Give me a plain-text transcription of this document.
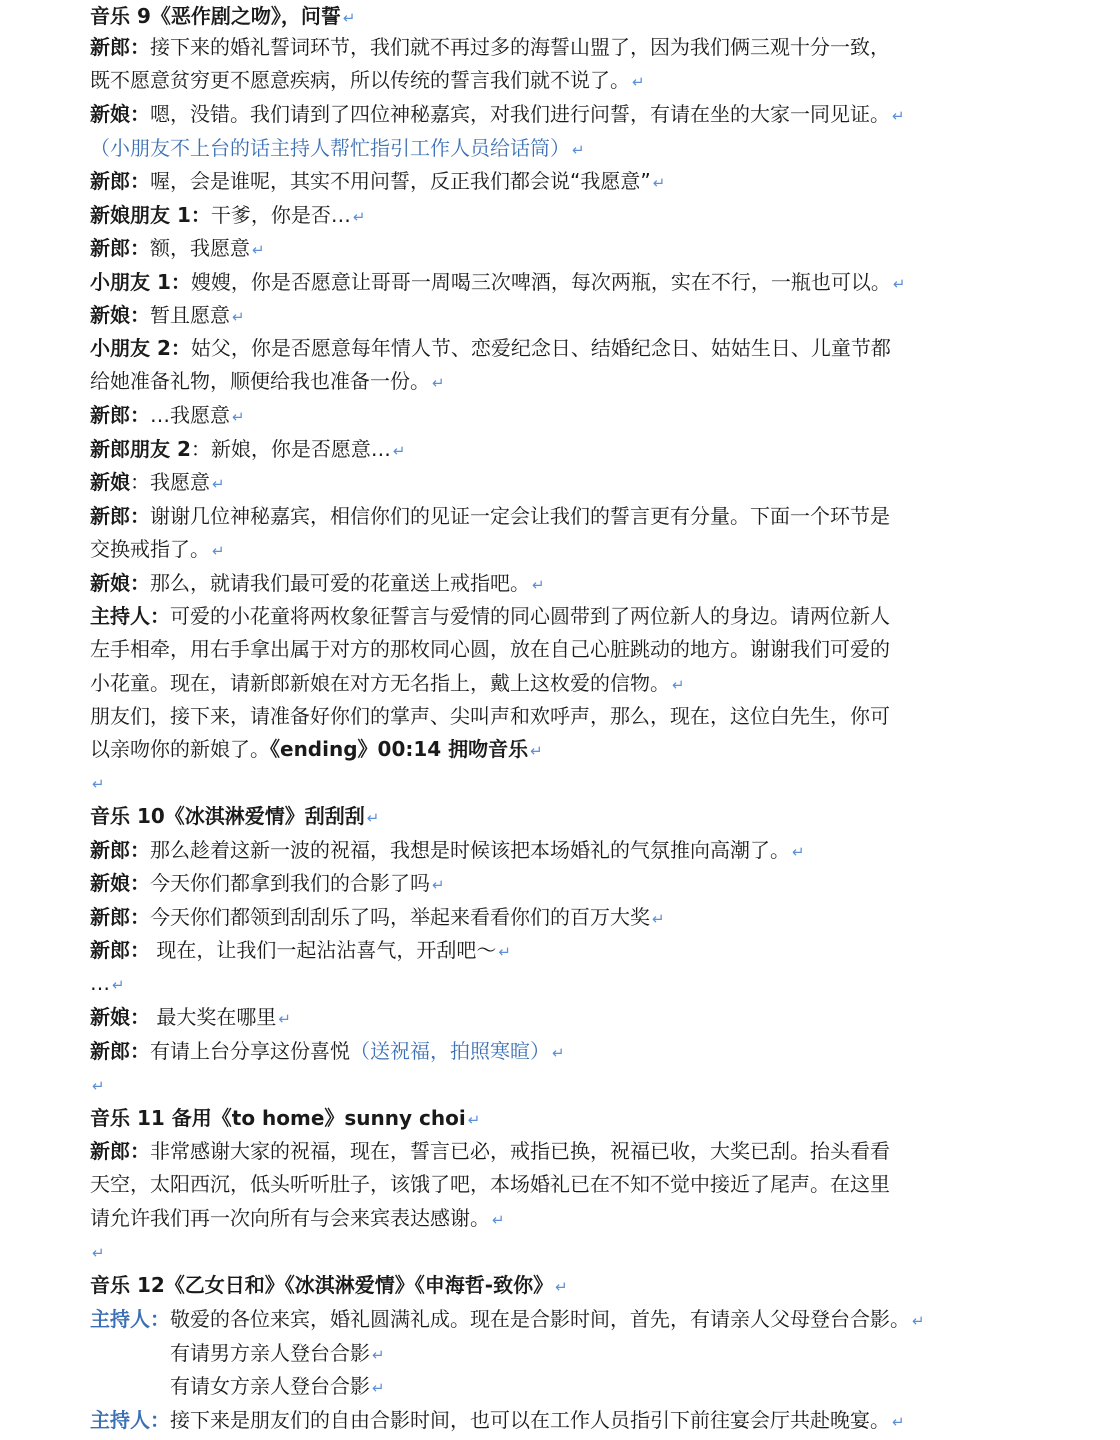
音乐 9《恶作剧之吻》，问誓 ↵
新郎：接下来的婚礼誓词环节，我们就不再过多的海誓山盟了，因为我们俩三观十分一致，
既不愿意贫穷更不愿意疾病，所以传统的誓言我们就不说了。 ↵
新娘：嗯，没错。我们请到了四位神秘嘉宾，对我们进行问誓，有请在坐的大家一同见证。 ↵
（小朋友不上台的话主持人帮忙指引工作人员给话筒） ↵
新郎：喔，会是谁呢，其实不用问誓，反正我们都会说“我愿意” ↵
新娘朋友 1：干爹，你是否… ↵
新郎：额，我愿意 ↵
小朋友 1：嫂嫂，你是否愿意让哥哥一周喝三次啤酒，每次两瓶，实在不行，一瓶也可以。 ↵
新娘：暂且愿意 ↵
小朋友 2：姑父，你是否愿意每年情人节、恋爱纪念日、结婚纪念日、姑姑生日、儿童节都
给她准备礼物，顺便给我也准备一份。 ↵
新郎：…我愿意 ↵
新郎朋友 2：新娘，你是否愿意… ↵
新娘：我愿意 ↵
新郎：谢谢几位神秘嘉宾，相信你们的见证一定会让我们的誓言更有分量。下面一个环节是
交换戒指了。 ↵
新娘：那么，就请我们最可爱的花童送上戒指吧。 ↵
主持人：可爱的小花童将两枚象征誓言与爱情的同心圆带到了两位新人的身边。请两位新人
左手相牵，用右手拿出属于对方的那枚同心圆，放在自己心脏跳动的地方。谢谢我们可爱的
小花童。现在，请新郎新娘在对方无名指上，戴上这枚爱的信物。 ↵
朋友们，接下来，请准备好你们的掌声、尖叫声和欢呼声，那么，现在，这位白先生，你可
以亲吻你的新娘了。《ending》00:14 拥吻音乐 ↵
↵
音乐 10《冰淇淋爱情》刮刮刮 ↵
新郎：那么趁着这新一波的祝福，我想是时候该把本场婚礼的气氛推向高潮了。 ↵
新娘：今天你们都拿到我们的合影了吗 ↵
新郎：今天你们都领到刮刮乐了吗，举起来看看你们的百万大奖 ↵
新郎： 现在，让我们一起沾沾喜气，开刮吧～ ↵
… ↵
新娘： 最大奖在哪里 ↵
新郎：有请上台分享这份喜悦（送祝福，拍照寒暄） ↵
↵
音乐 11 备用《to home》sunny choi ↵
新郎：非常感谢大家的祝福，现在，誓言已必，戒指已换，祝福已收，大奖已刮。抬头看看
天空，太阳西沉，低头听听肚子，该饿了吧，本场婚礼已在不知不觉中接近了尾声。在这里
请允许我们再一次向所有与会来宾表达感谢。 ↵
↵
音乐 12《乙女日和》《冰淇淋爱情》《申海哲-致你》 ↵
主持人：敬爱的各位来宾，婚礼圆满礼成。现在是合影时间，首先，有请亲人父母登台合影。 ↵
有请男方亲人登台合影 ↵
有请女方亲人登台合影 ↵
主持人：接下来是朋友们的自由合影时间，也可以在工作人员指引下前往宴会厅共赴晚宴。 ↵
